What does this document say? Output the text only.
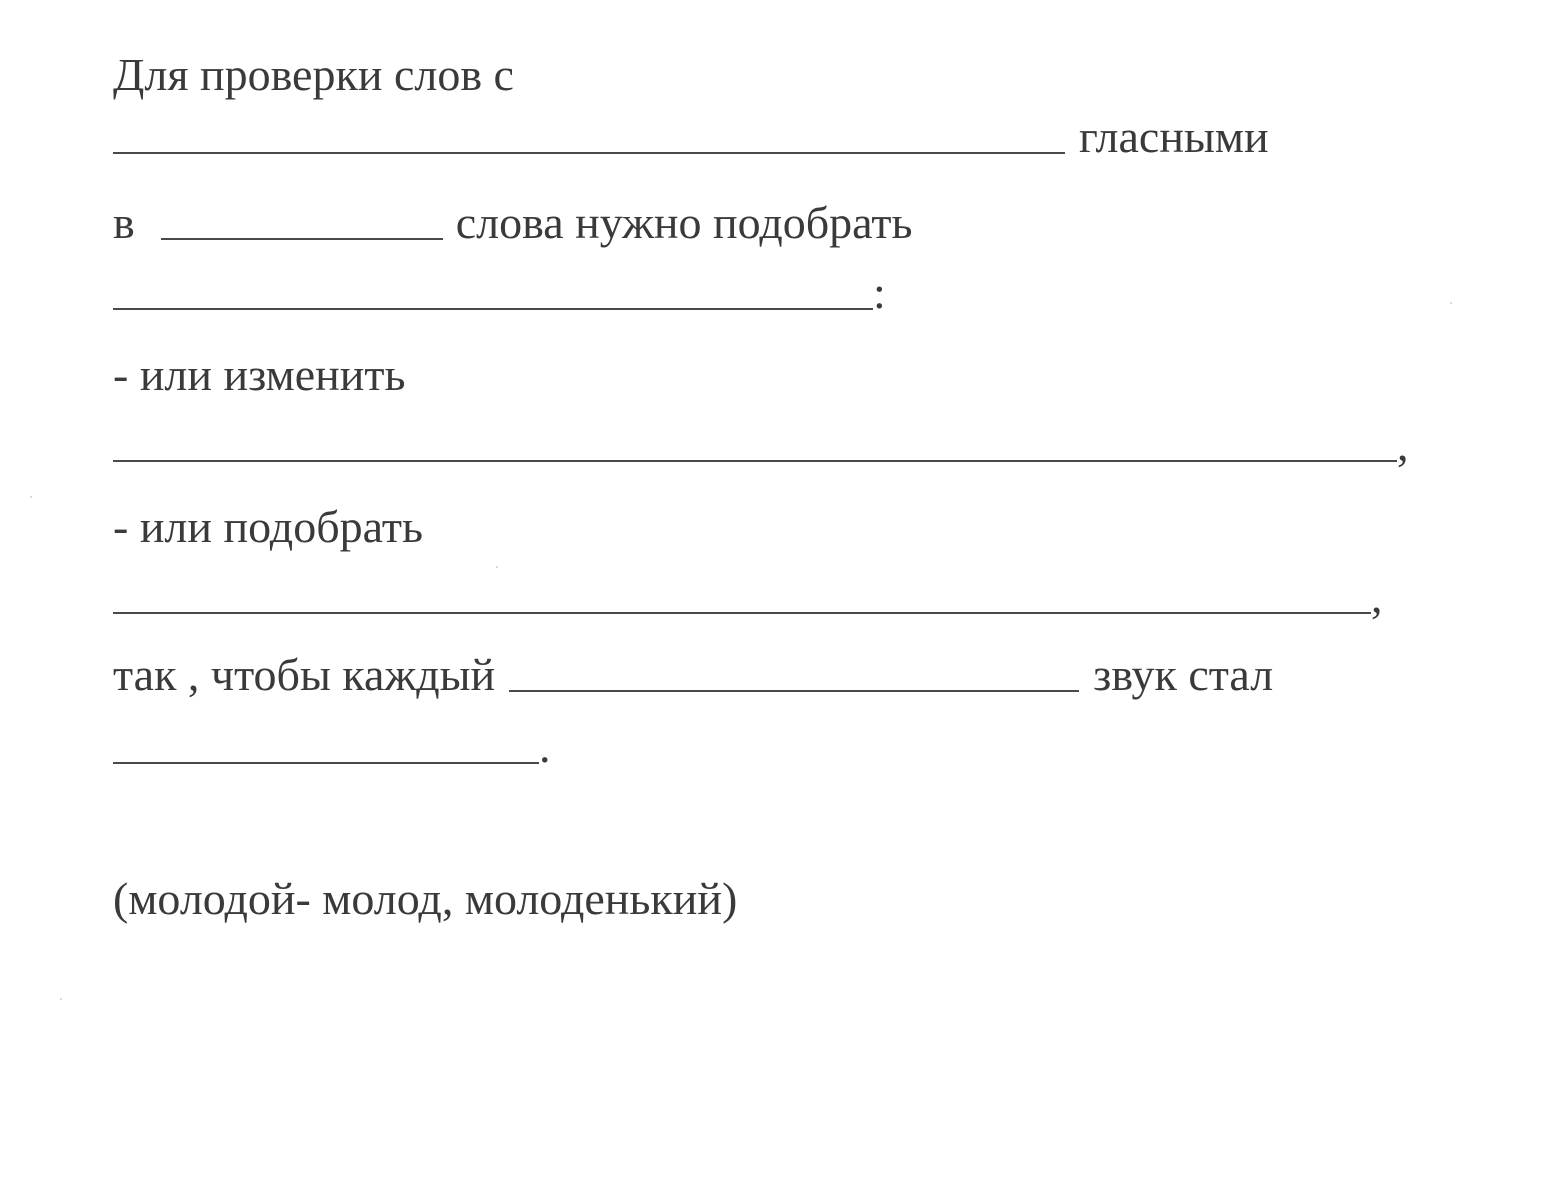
Для проверки слов с
гласными
в	слова нужно подобрать
:
- или изменить
,
- или подобрать
,
так , чтобы каждый	звук стал
.
(молодой- молод, молоденький)
